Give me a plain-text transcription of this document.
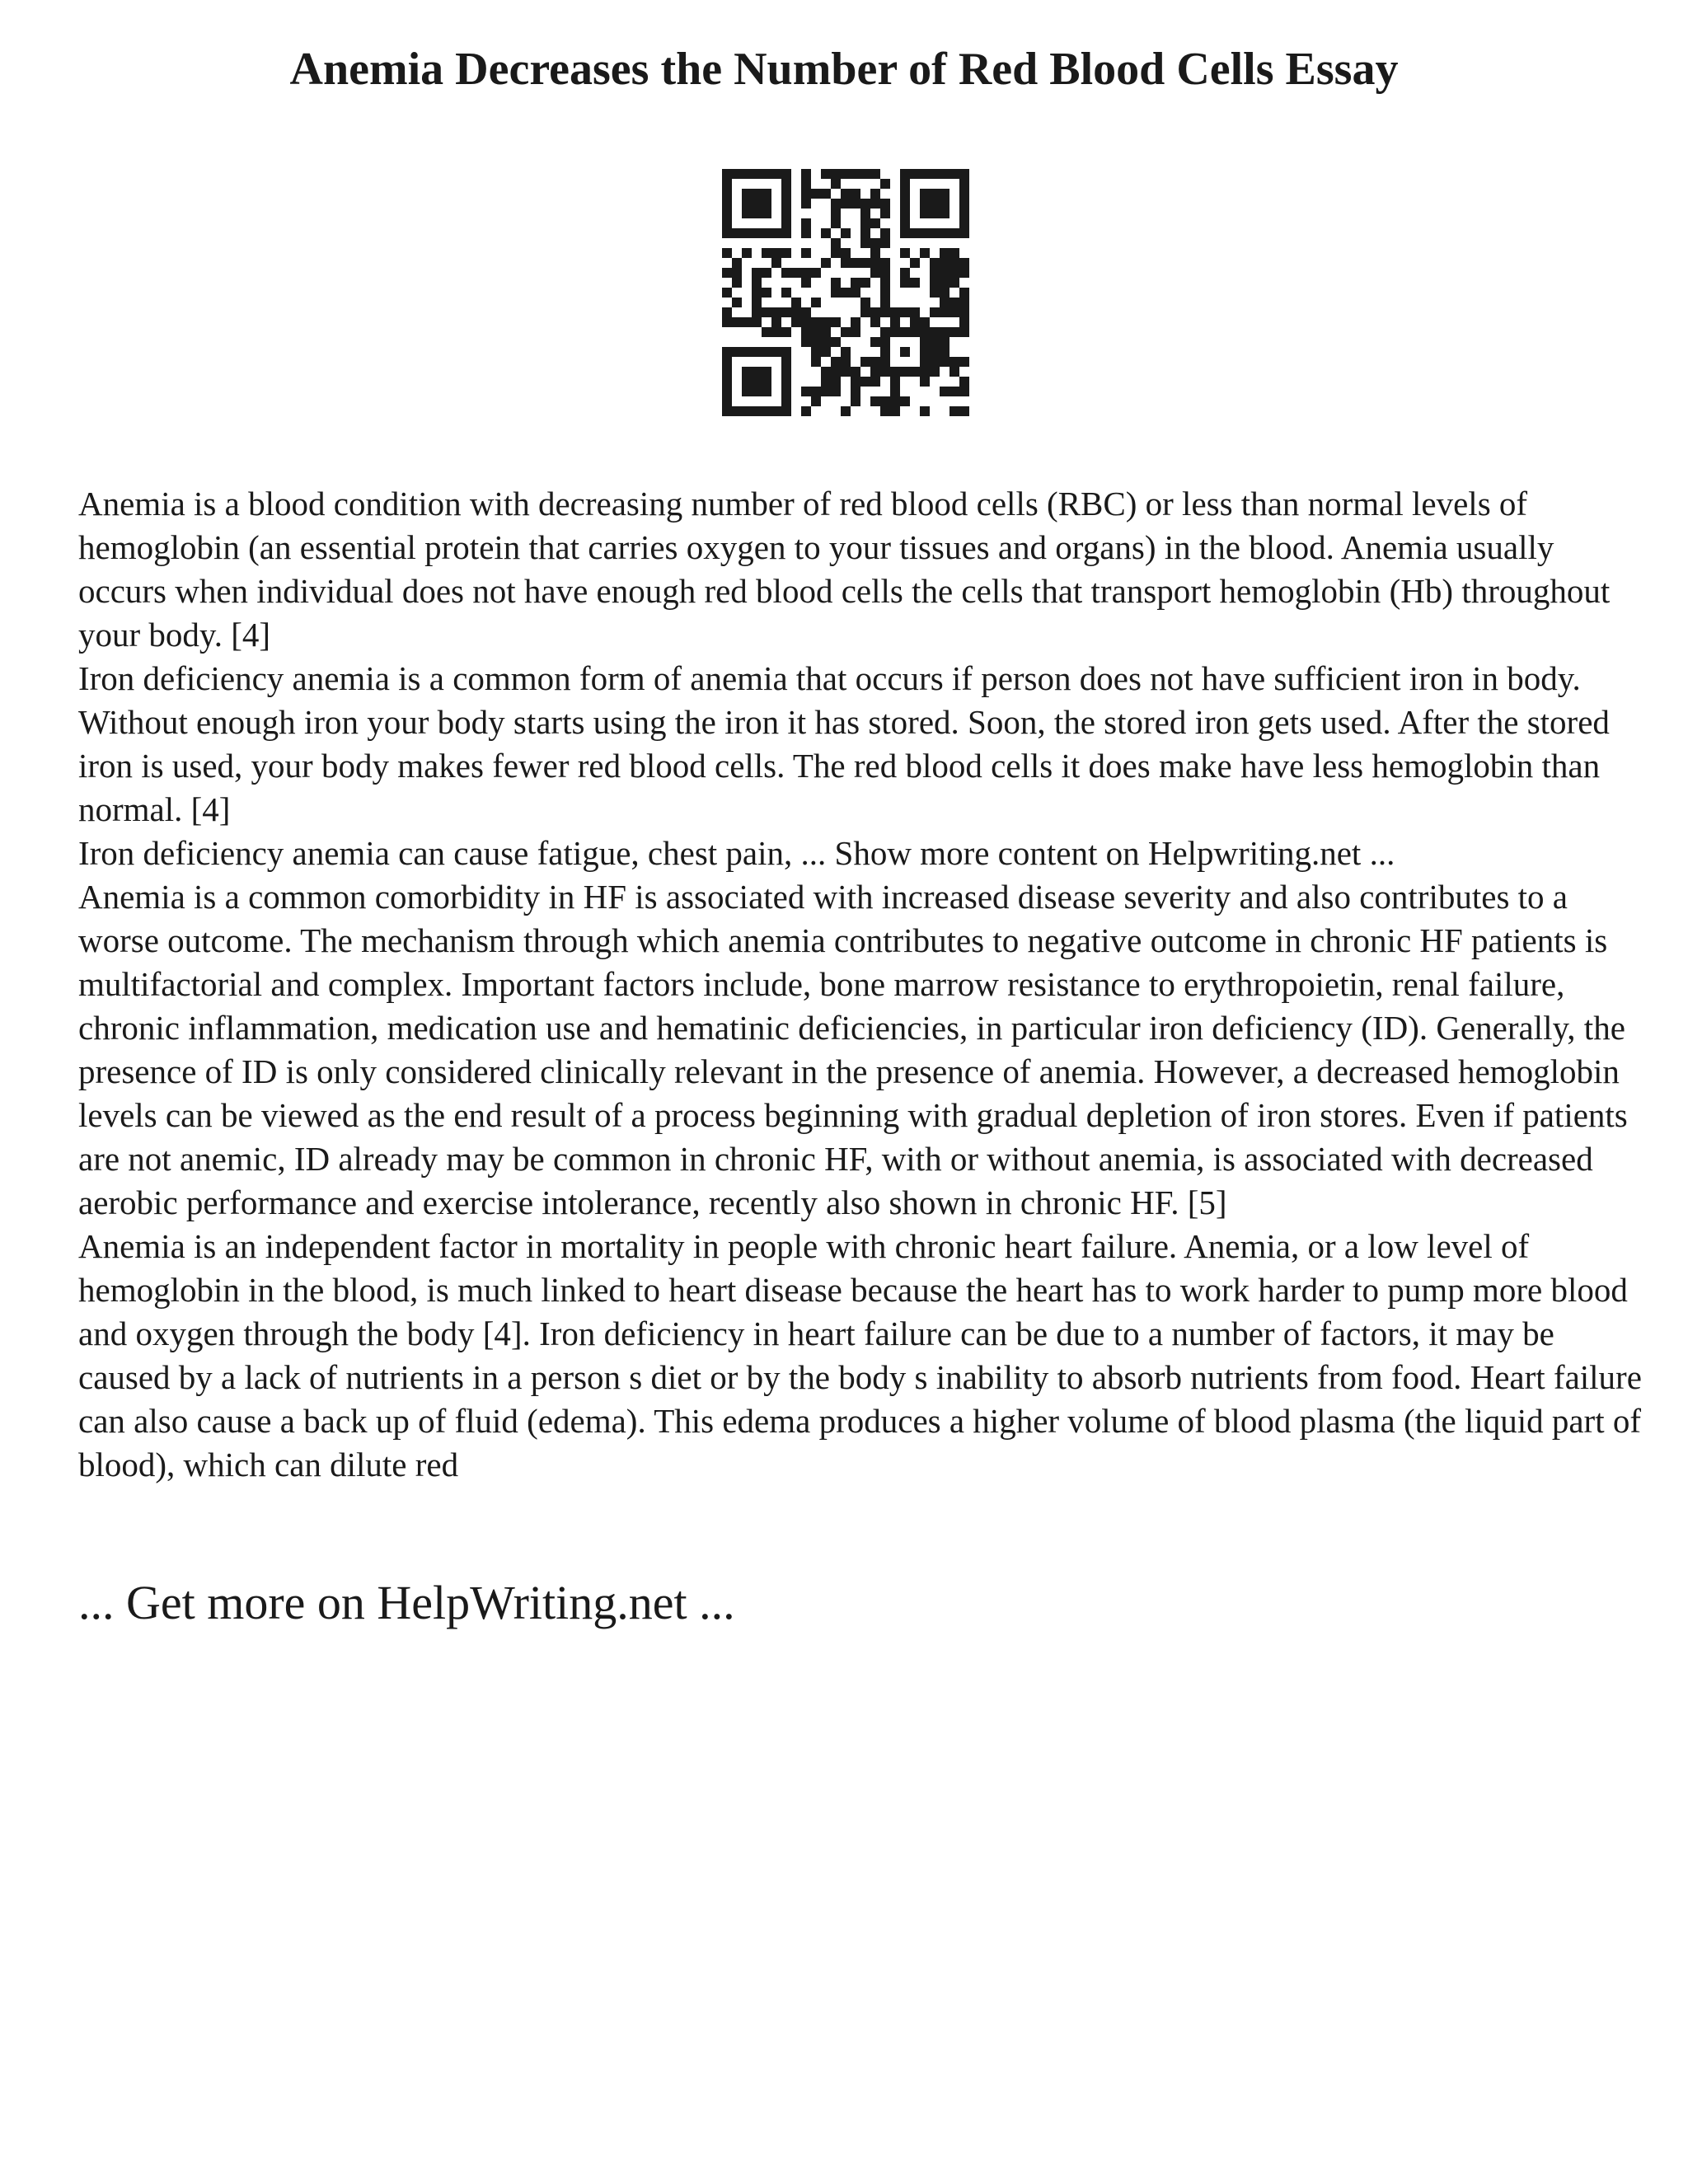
Anemia Decreases the Number of Red Blood Cells Essay

Anemia is a blood condition with decreasing number of red blood cells (RBC) or less than normal levels of hemoglobin (an essential protein that carries oxygen to your tissues and organs) in the blood. Anemia usually occurs when individual does not have enough red blood cells the cells that transport hemoglobin (Hb) throughout your body. [4]

Iron deficiency anemia is a common form of anemia that occurs if person does not have sufficient iron in body. Without enough iron your body starts using the iron it has stored. Soon, the stored iron gets used. After the stored iron is used, your body makes fewer red blood cells. The red blood cells it does make have less hemoglobin than normal. [4]

Iron deficiency anemia can cause fatigue, chest pain, ... Show more content on Helpwriting.net ...

Anemia is a common comorbidity in HF is associated with increased disease severity and also contributes to a worse outcome. The mechanism through which anemia contributes to negative outcome in chronic HF patients is multifactorial and complex. Important factors include, bone marrow resistance to erythropoietin, renal failure, chronic inflammation, medication use and hematinic deficiencies, in particular iron deficiency (ID). Generally, the presence of ID is only considered clinically relevant in the presence of anemia. However, a decreased hemoglobin levels can be viewed as the end result of a process beginning with gradual depletion of iron stores. Even if patients are not anemic, ID already may be common in chronic HF, with or without anemia, is associated with decreased aerobic performance and exercise intolerance, recently also shown in chronic HF. [5]

Anemia is an independent factor in mortality in people with chronic heart failure. Anemia, or a low level of hemoglobin in the blood, is much linked to heart disease because the heart has to work harder to pump more blood and oxygen through the body [4]. Iron deficiency in heart failure can be due to a number of factors, it may be caused by a lack of nutrients in a person s diet or by the body s inability to absorb nutrients from food. Heart failure can also cause a back up of fluid (edema). This edema produces a higher volume of blood plasma (the liquid part of blood), which can dilute red

... Get more on HelpWriting.net ...
